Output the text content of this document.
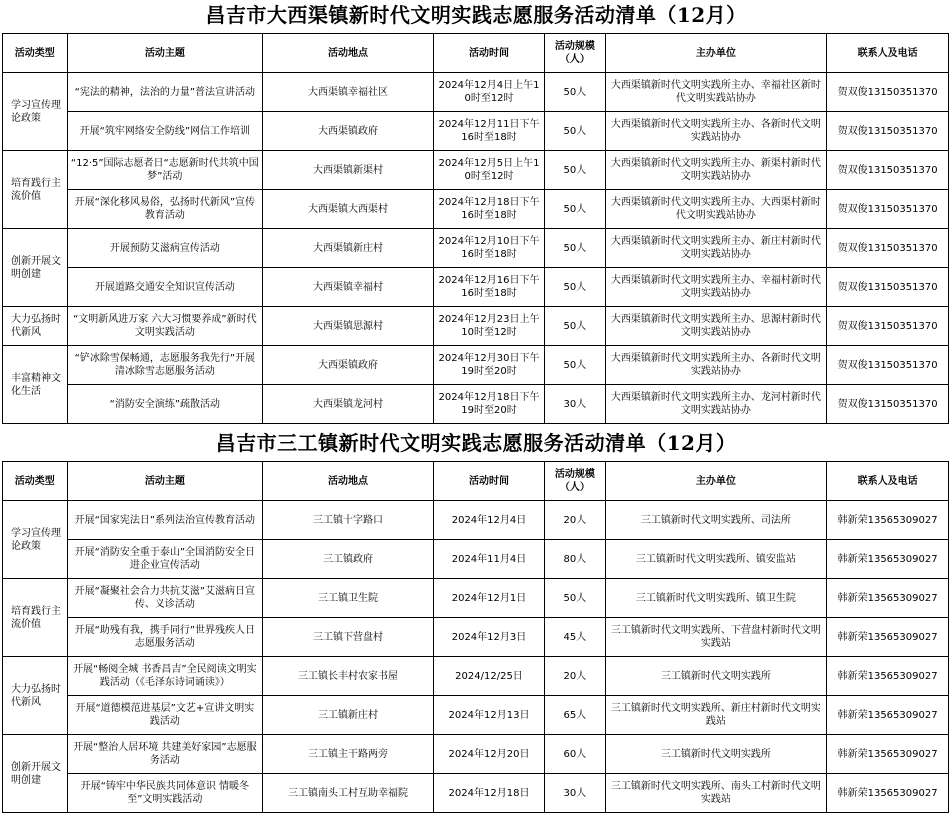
昌吉市大西渠镇新时代文明实践志愿服务活动清单（12月）
活动类型	活动主题	活动地点	活动时间	活动规模（人）	主办单位	联系人及电话
学习宣传理论政策	“宪法的精神，法治的力量”普法宣讲活动	大西渠镇幸福社区	2024年12月4日上午10时至12时	50人	大西渠镇新时代文明实践所主办、幸福社区新时代文明实践站协办	贺双俊13150351370
	开展“筑牢网络安全防线”网信工作培训	大西渠镇政府	2024年12月11日下午16时至18时	50人	大西渠镇新时代文明实践所主办、各新时代文明实践站协办	贺双俊13150351370
培育践行主流价值	“12·5”国际志愿者日“志愿新时代共筑中国梦”活动	大西渠镇新渠村	2024年12月5日上午10时至12时	50人	大西渠镇新时代文明实践所主办、新渠村新时代文明实践站协办	贺双俊13150351370
	开展“深化移风易俗，弘扬时代新风”宣传教育活动	大西渠镇大西渠村	2024年12月18日下午16时至18时	50人	大西渠镇新时代文明实践所主办、大西渠村新时代文明实践站协办	贺双俊13150351370
创新开展文明创建	开展预防艾滋病宣传活动	大西渠镇新庄村	2024年12月10日下午16时至18时	50人	大西渠镇新时代文明实践所主办、新庄村新时代文明实践站协办	贺双俊13150351370
	开展道路交通安全知识宣传活动	大西渠镇幸福村	2024年12月16日下午16时至18时	50人	大西渠镇新时代文明实践所主办、幸福村新时代文明实践站协办	贺双俊13150351370
大力弘扬时代新风	“文明新风进万家 六大习惯要养成”新时代文明实践活动	大西渠镇思源村	2024年12月23日上午10时至12时	50人	大西渠镇新时代文明实践所主办、思源村新时代文明实践站协办	贺双俊13150351370
丰富精神文化生活	“铲冰除雪保畅通，志愿服务我先行”开展清冰除雪志愿服务活动	大西渠镇政府	2024年12月30日下午19时至20时	50人	大西渠镇新时代文明实践所主办、各新时代文明实践站协办	贺双俊13150351370
	“消防安全演练”疏散活动	大西渠镇龙河村	2024年12月18日下午19时至20时	30人	大西渠镇新时代文明实践所主办、龙河村新时代文明实践站协办	贺双俊13150351370
昌吉市三工镇新时代文明实践志愿服务活动清单（12月）
活动类型	活动主题	活动地点	活动时间	活动规模（人）	主办单位	联系人及电话
学习宣传理论政策	开展“国家宪法日”系列法治宣传教育活动	三工镇十字路口	2024年12月4日	20人	三工镇新时代文明实践所、司法所	韩新荣13565309027
	开展“消防安全重于泰山”全国消防安全日进企业宣传活动	三工镇政府	2024年11月4日	80人	三工镇新时代文明实践所、镇安监站	韩新荣13565309027
培育践行主流价值	开展“凝聚社会合力共抗艾滋”艾滋病日宣传、义诊活动	三工镇卫生院	2024年12月1日	50人	三工镇新时代文明实践所、镇卫生院	韩新荣13565309027
	开展“助残有我，携手同行”世界残疾人日志愿服务活动	三工镇下营盘村	2024年12月3日	45人	三工镇新时代文明实践所、下营盘村新时代文明实践站	韩新荣13565309027
大力弘扬时代新风	开展“畅阅全城 书香昌吉”全民阅读文明实践活动（《毛泽东诗词诵读》）	三工镇长丰村农家书屋	2024/12/25日	20人	三工镇新时代文明实践所	韩新荣13565309027
	开展“道德模范进基层”文艺+宣讲文明实践活动	三工镇新庄村	2024年12月13日	65人	三工镇新时代文明实践所、新庄村新时代文明实践站	韩新荣13565309027
创新开展文明创建	开展“整治人居环境 共建美好家园”志愿服务活动	三工镇主干路两旁	2024年12月20日	60人	三工镇新时代文明实践所	韩新荣13565309027
	开展“铸牢中华民族共同体意识 情暖冬至”文明实践活动	三工镇南头工村互助幸福院	2024年12月18日	30人	三工镇新时代文明实践所、南头工村新时代文明实践站	韩新荣13565309027
